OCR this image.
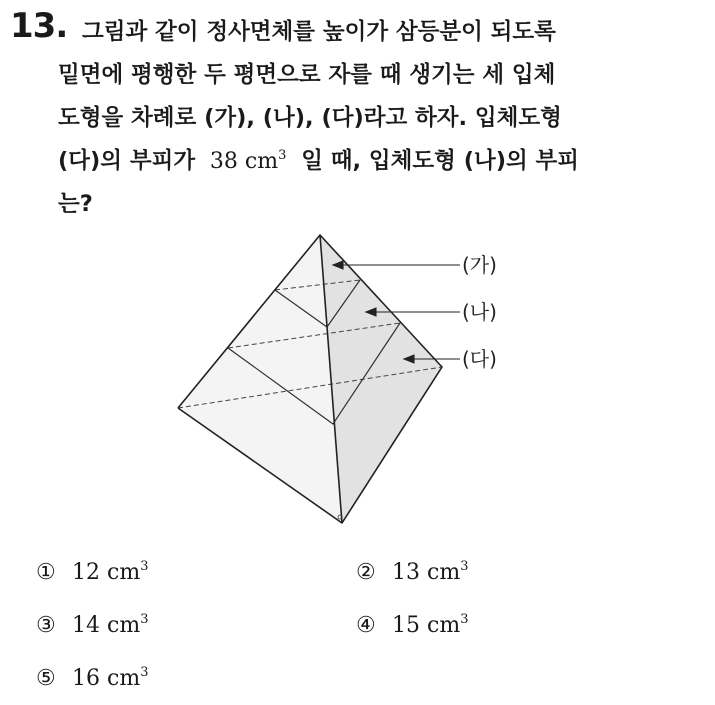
13. 그림과 같이 정사면체를 높이가 삼등분이 되도록
밑면에 평행한 두 평면으로 자를 때 생기는 세 입체
도형을 차례로 (가), (나), (다)라고 하자. 입체도형
(다)의 부피가 38 $cm^3$ 일 때, 입체도형 (나)의 부피
는?
(가)
(나)
(다)
① 12 $cm^3$	② 13 $cm^3$
③ 14 $cm^3$	④ 15 $cm^3$
⑤ 16 $cm^3$
